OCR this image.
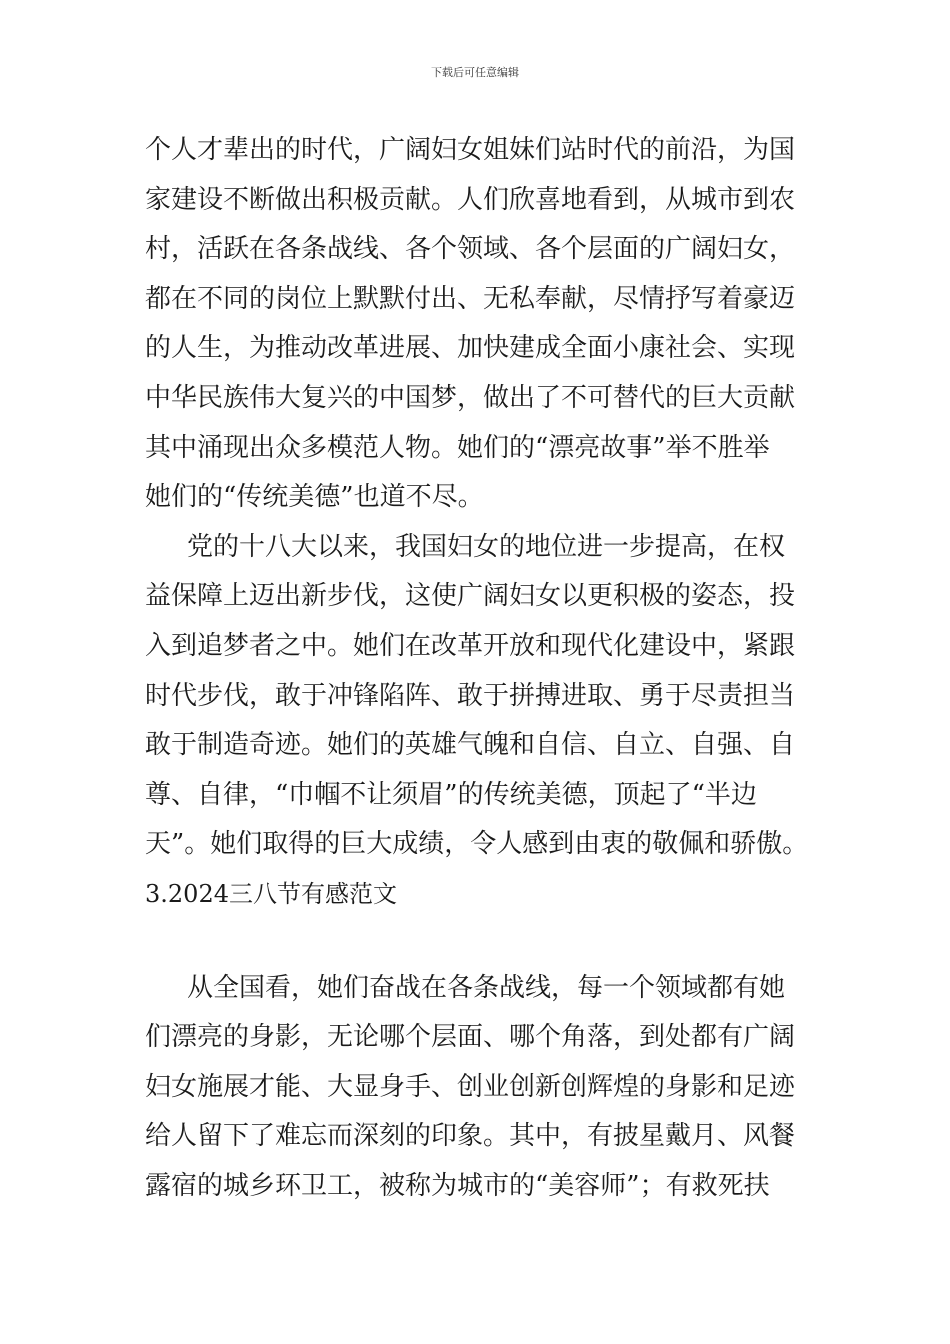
下载后可任意编辑
个人才辈出的时代，广阔妇女姐妹们站时代的前沿，为国
家建设不断做出积极贡献。人们欣喜地看到，从城市到农
村，活跃在各条战线、各个领域、各个层面的广阔妇女，
都在不同的岗位上默默付出、无私奉献，尽情抒写着豪迈
的人生，为推动改革进展、加快建成全面小康社会、实现
中华民族伟大复兴的中国梦，做出了不可替代的巨大贡献
其中涌现出众多模范人物。她们的“漂亮故事”举不胜举
她们的“传统美德”也道不尽。
党的十八大以来，我国妇女的地位进一步提高，在权
益保障上迈出新步伐，这使广阔妇女以更积极的姿态，投
入到追梦者之中。她们在改革开放和现代化建设中，紧跟
时代步伐，敢于冲锋陷阵、敢于拼搏进取、勇于尽责担当
敢于制造奇迹。她们的英雄气魄和自信、自立、自强、自
尊、自律，“巾帼不让须眉”的传统美德，顶起了“半边
天”。她们取得的巨大成绩，令人感到由衷的敬佩和骄傲。
3.2024三八节有感范文
从全国看，她们奋战在各条战线，每一个领域都有她
们漂亮的身影，无论哪个层面、哪个角落，到处都有广阔
妇女施展才能、大显身手、创业创新创辉煌的身影和足迹
给人留下了难忘而深刻的印象。其中，有披星戴月、风餐
露宿的城乡环卫工，被称为城市的“美容师”；有救死扶
